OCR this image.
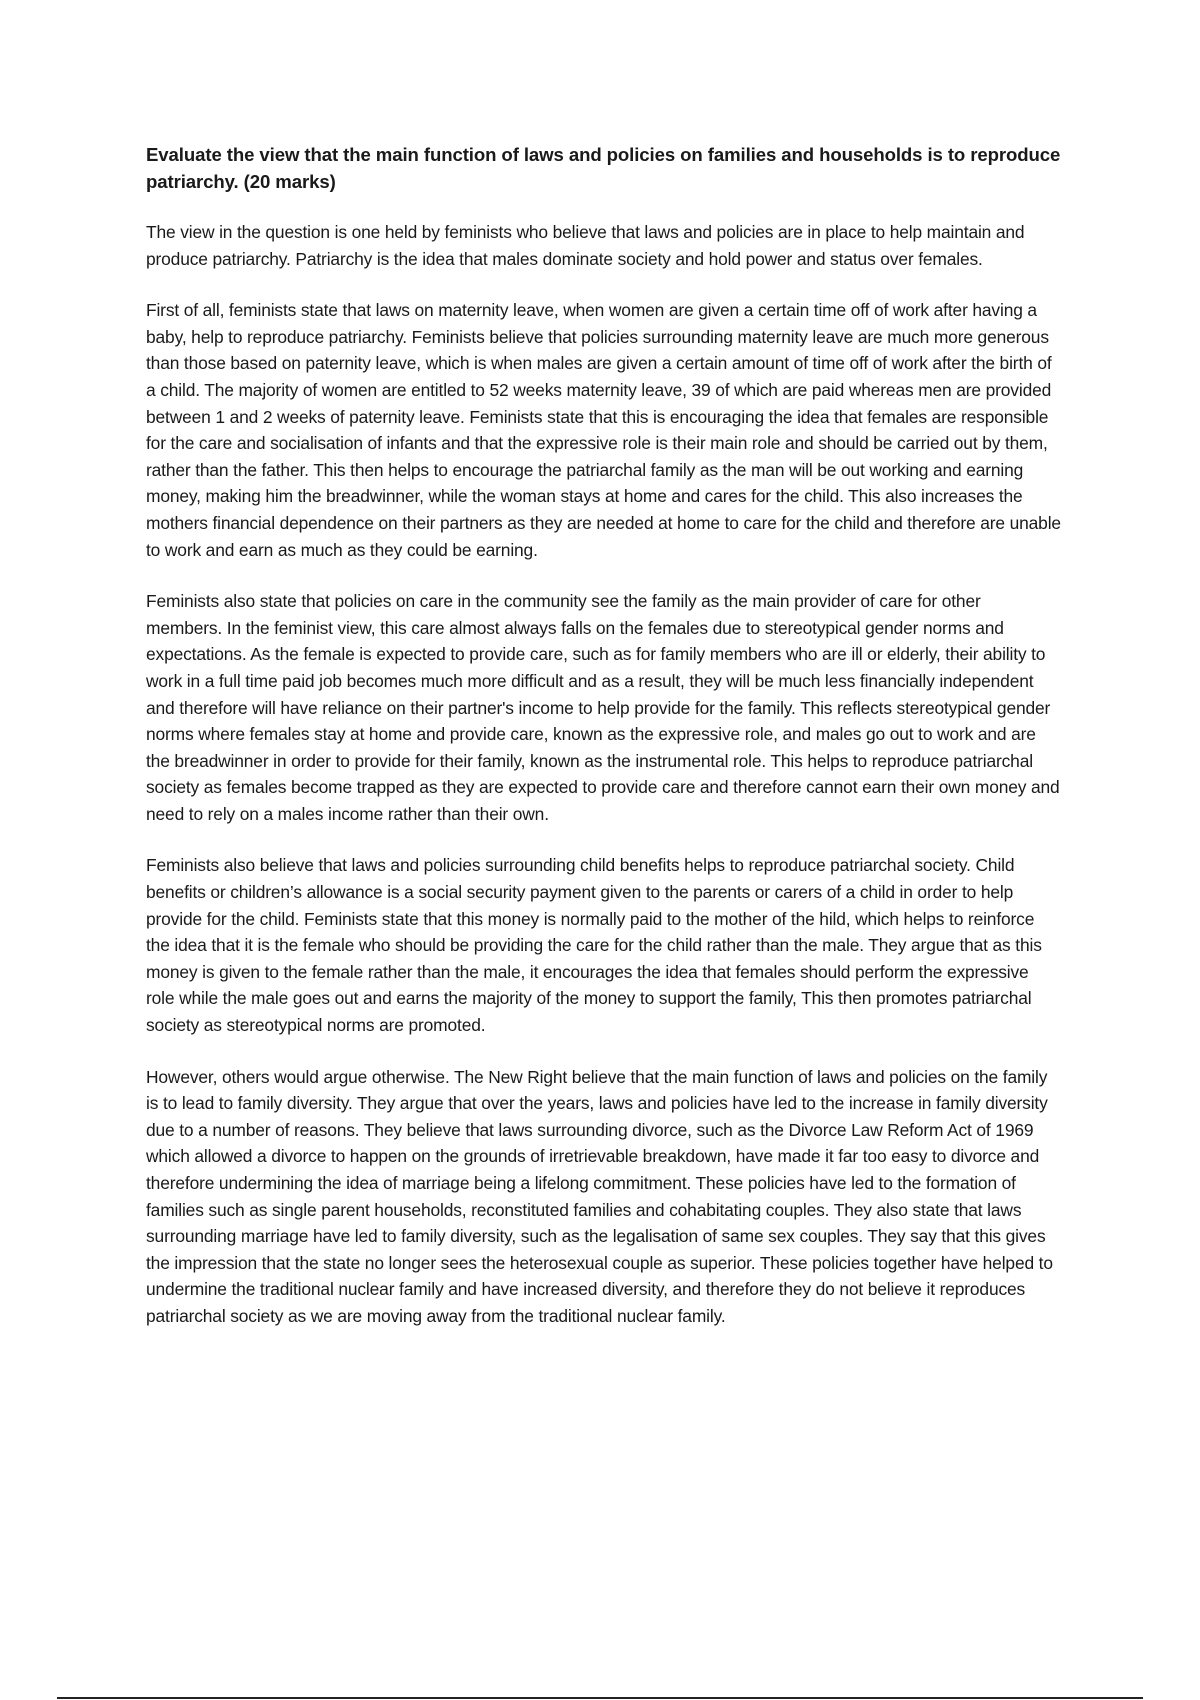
Evaluate the view that the main function of laws and policies on families and households is to reproduce patriarchy. (20 marks)

The view in the question is one held by feminists who believe that laws and policies are in place to help maintain and produce patriarchy. Patriarchy is the idea that males dominate society and hold power and status over females.

First of all, feminists state that laws on maternity leave, when women are given a certain time off of work after having a baby, help to reproduce patriarchy. Feminists believe that policies surrounding maternity leave are much more generous than those based on paternity leave, which is when males are given a certain amount of time off of work after the birth of a child. The majority of women are entitled to 52 weeks maternity leave, 39 of which are paid whereas men are provided between 1 and 2 weeks of paternity leave. Feminists state that this is encouraging the idea that females are responsible for the care and socialisation of infants and that the expressive role is their main role and should be carried out by them, rather than the father. This then helps to encourage the patriarchal family as the man will be out working and earning money, making him the breadwinner, while the woman stays at home and cares for the child. This also increases the mothers financial dependence on their partners as they are needed at home to care for the child and therefore are unable to work and earn as much as they could be earning.

Feminists also state that policies on care in the community see the family as the main provider of care for other members. In the feminist view, this care almost always falls on the females due to stereotypical gender norms and expectations. As the female is expected to provide care, such as for family members who are ill or elderly, their ability to work in a full time paid job becomes much more difficult and as a result, they will be much less financially independent and therefore will have reliance on their partner's income to help provide for the family. This reflects stereotypical gender norms where females stay at home and provide care, known as the expressive role, and males go out to work and are the breadwinner in order to provide for their family, known as the instrumental role. This helps to reproduce patriarchal society as females become trapped as they are expected to provide care and therefore cannot earn their own money and need to rely on a males income rather than their own.

Feminists also believe that laws and policies surrounding child benefits helps to reproduce patriarchal society. Child benefits or children’s allowance is a social security payment given to the parents or carers of a child in order to help provide for the child. Feminists state that this money is normally paid to the mother of the hild, which helps to reinforce the idea that it is the female who should be providing the care for the child rather than the male. They argue that as this money is given to the female rather than the male, it encourages the idea that females should perform the expressive role while the male goes out and earns the majority of the money to support the family, This then promotes patriarchal society as stereotypical norms are promoted.

However, others would argue otherwise. The New Right believe that the main function of laws and policies on the family is to lead to family diversity. They argue that over the years, laws and policies have led to the increase in family diversity due to a number of reasons. They believe that laws surrounding divorce, such as the Divorce Law Reform Act of 1969 which allowed a divorce to happen on the grounds of irretrievable breakdown, have made it far too easy to divorce and therefore undermining the idea of marriage being a lifelong commitment. These policies have led to the formation of families such as single parent households, reconstituted families and cohabitating couples. They also state that laws surrounding marriage have led to family diversity, such as the legalisation of same sex couples. They say that this gives the impression that the state no longer sees the heterosexual couple as superior. These policies together have helped to undermine the traditional nuclear family and have increased diversity, and therefore they do not believe it reproduces patriarchal society as we are moving away from the traditional nuclear family.
